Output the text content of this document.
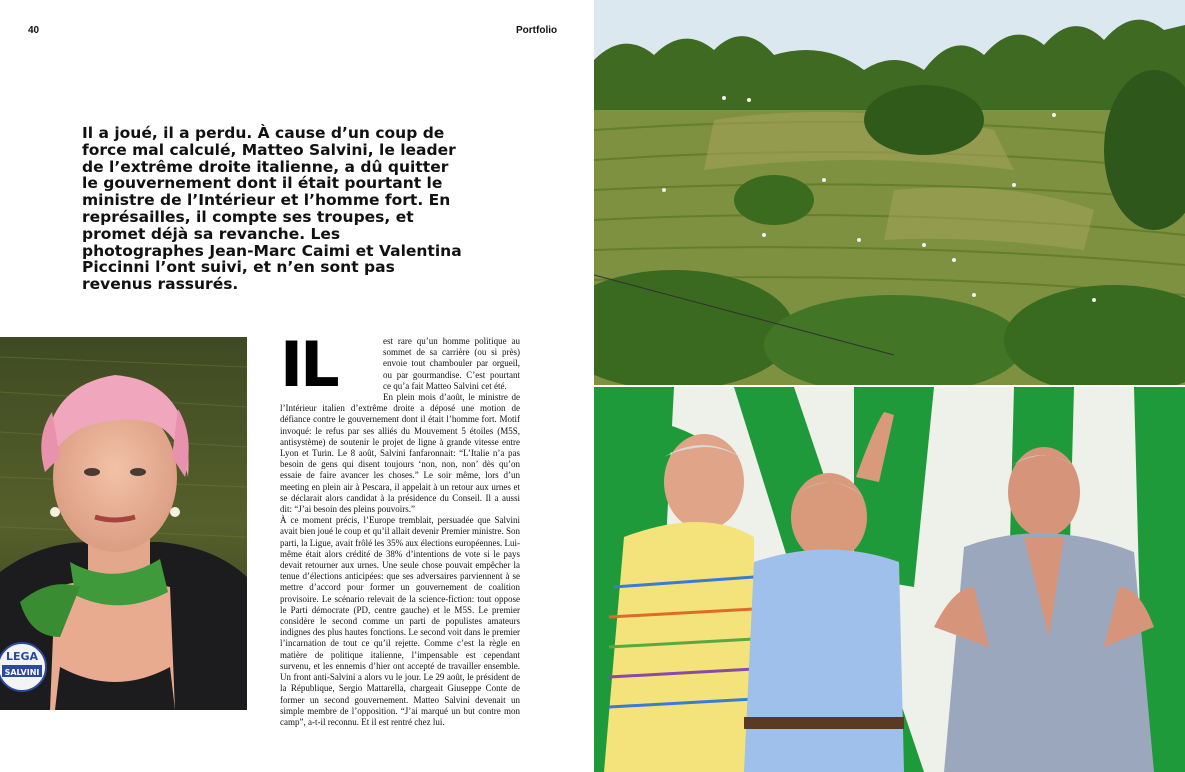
40	Portfolio
Il a joué, il a perdu. À cause d’un coup de force mal calculé, Matteo Salvini, le leader de l’extrême droite italienne, a dû quitter le gouvernement dont il était pourtant le ministre de l’Intérieur et l’homme fort. En représailles, il compte ses troupes, et promet déjà sa revanche. Les photographes Jean-Marc Caimi et Valentina Piccinni l’ont suivi, et n’en sont pas revenus rassurés.
LEGA
SALVINI
IL	est rare qu’un homme politique au sommet de sa carrière (ou si près) envoie tout chambouler par orgueil, ou par gourmandise. C’est pourtant ce qu’a fait Matteo Salvini cet été.

En plein mois d’août, le ministre de l’Intérieur italien d’extrême droite a déposé une motion de défiance contre le gouvernement dont il était l’homme fort. Motif invoqué: le refus par ses alliés du Mouvement 5 étoiles (M5S, antisystème) de soutenir le projet de ligne à grande vitesse entre Lyon et Turin. Le 8 août, Salvini fanfaronnait: “L’Italie n’a pas besoin de gens qui disent toujours ‘non, non, non’ dès qu’on essaie de faire avancer les choses.” Le soir même, lors d’un meeting en plein air à Pescara, il appelait à un retour aux urnes et se déclarait alors candidat à la présidence du Conseil. Il a aussi dit: “J’ai besoin des pleins pouvoirs.”

À ce moment précis, l’Europe tremblait, persuadée que Salvini avait bien joué le coup et qu’il allait devenir Premier ministre. Son parti, la Ligue, avait frôlé les 35% aux élections européennes. Lui-même était alors crédité de 38% d’intentions de vote si le pays devait retourner aux urnes. Une seule chose pouvait empêcher la tenue d’élections anticipées: que ses adversaires parviennent à se mettre d’accord pour former un gouvernement de coalition provisoire. Le scénario relevait de la science-fiction: tout oppose le Parti démocrate (PD, centre gauche) et le M5S. Le premier considère le second comme un parti de populistes amateurs indignes des plus hautes fonctions. Le second voit dans le premier l’incarnation de tout ce qu’il rejette. Comme c’est la règle en matière de politique italienne, l’impensable est cependant survenu, et les ennemis d’hier ont accepté de travailler ensemble. Un front anti-Salvini a alors vu le jour. Le 29 août, le président de la République, Sergio Mattarella, chargeait Giuseppe Conte de former un second gouvernement. Matteo Salvini devenait un simple membre de l’opposition. “J’ai marqué un but contre mon camp”, a-t-il reconnu. Et il est rentré chez lui.
